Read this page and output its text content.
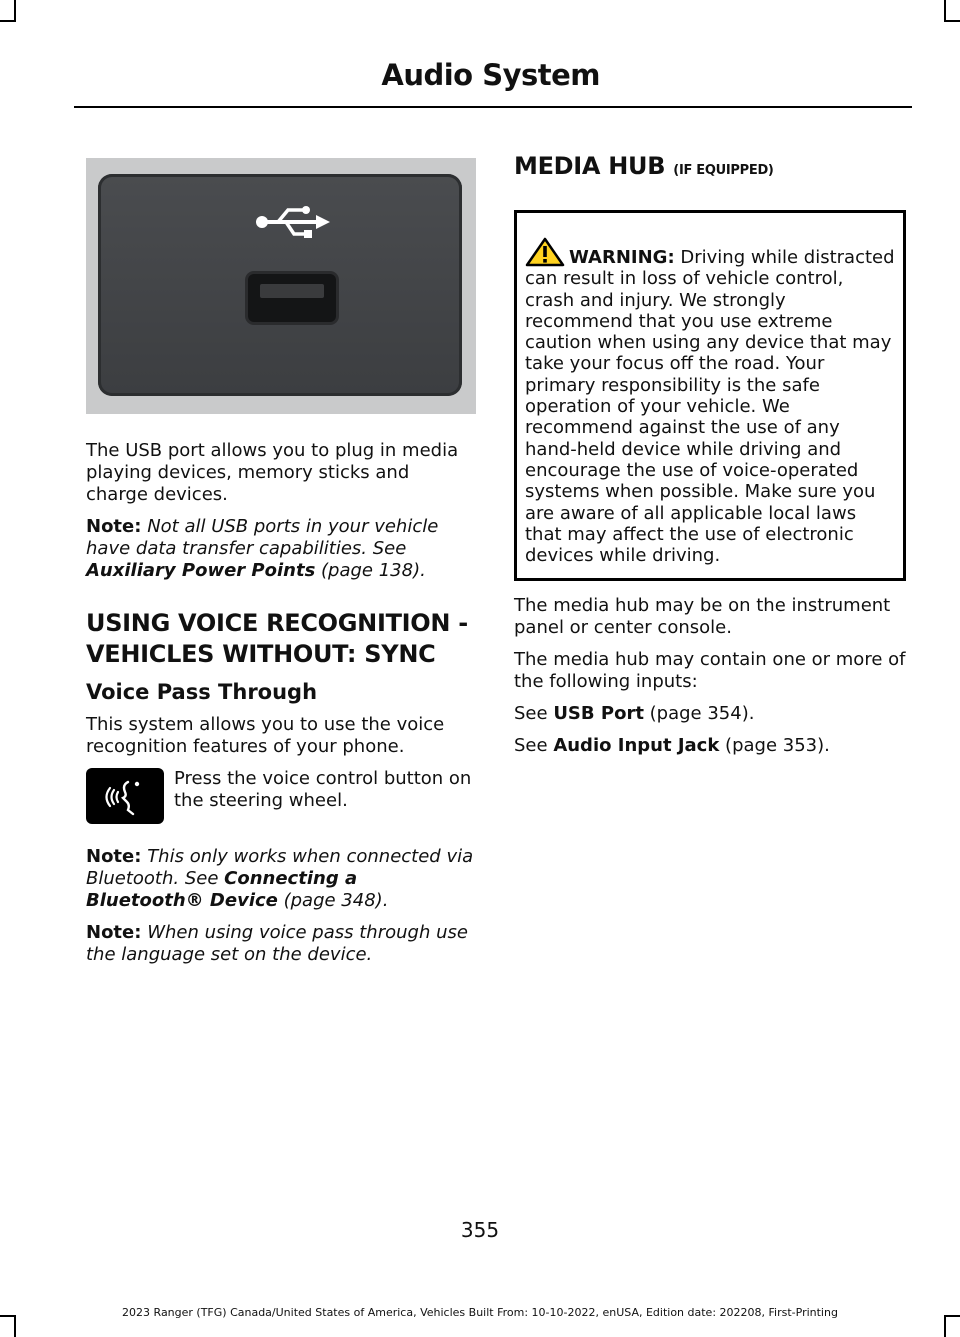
Audio System

The USB port allows you to plug in media playing devices, memory sticks and charge devices.

Note: Not all USB ports in your vehicle have data transfer capabilities. See Auxiliary Power Points (page 138).

USING VOICE RECOGNITION -
VEHICLES WITHOUT: SYNC
Voice Pass Through

This system allows you to use the voice recognition features of your phone.

Press the voice control button on the steering wheel.

Note: This only works when connected via Bluetooth. See Connecting a Bluetooth® Device (page 348).

Note: When using voice pass through use the language set on the device.

MEDIA HUB (IF EQUIPPED)
WARNING: Driving while distracted can result in loss of vehicle control, crash and injury. We strongly recommend that you use extreme caution when using any device that may take your focus off the road. Your primary responsibility is the safe operation of your vehicle. We recommend against the use of any hand-held device while driving and encourage the use of voice-operated systems when possible. Make sure you are aware of all applicable local laws that may affect the use of electronic devices while driving.

The media hub may be on the instrument panel or center console.

The media hub may contain one or more of the following inputs:

See USB Port (page 354).

See Audio Input Jack (page 353).

355
2023 Ranger (TFG) Canada/United States of America, Vehicles Built From: 10-10-2022, enUSA, Edition date: 202208, First-Printing
